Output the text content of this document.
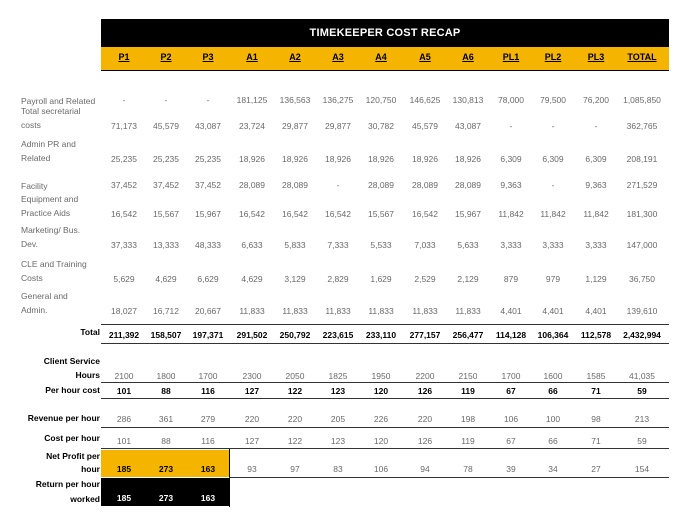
TIMEKEEPER COST RECAP
P1	P2	P3	A1	A2	A3	A4	A5	A6	PL1	PL2	PL3	TOTAL
Payroll and Related	-	-	-	181,125 136,563 136,275 120,750 146,625 130,813 78,000 79,500 76,200 1,085,850
Total secretarial
costs	71,173 45,579 43,087 23,724 29,877 29,877 30,782 45,579 43,087	-	-	-	362,765
Admin PR and
Related	25,235 25,235 25,235 18,926 18,926 18,926 18,926 18,926 18,926 6,309 6,309	6,309 208,191
Facility	37,452 37,452 37,452 28,089 28,089	-	28,089 28,089 28,089 9,363	-	9,363 271,529
Equipment and
Practice Aids	16,542 15,567 15,967 16,542 16,542 16,542 15,567 16,542 15,967 11,842 11,842 11,842 181,300
Marketing/ Bus.
Dev.	37,333 13,333 48,333 6,633	5,833	7,333	5,533	7,033	5,633	3,333 3,333	3,333 147,000
CLE and Training
Costs	5,629 4,629 6,629	4,629	3,129	2,829	1,629	2,529	2,129	879	979	1,129	36,750
General and
Admin.	18,027 16,712 20,667 11,833 11,833 11,833 11,833 11,833 11,833 4,401 4,401	4,401 139,610
Total 211,392 158,507 197,371 291,502 250,792 223,615 233,110 277,157 256,477 114,128 106,364 112,578 2,432,994
Client Service
Hours 2100	1800	1700	2300	2050	1825	1950	2200	2150	1700	1600	1585	41,035
Per hour cost 101	88	116	127	122	123	120	126	119	67	66	71	59
Revenue per hour 286	361	279	220	220	205	226	220	198	106	100	98	213
Cost per hour 101	88	116	127	122	123	120	126	119	67	66	71	59
Net Profit per
hour 185	273	163	93	97	83	106	94	78	39	34	27	154
Return per hour
worked 185	273	163
